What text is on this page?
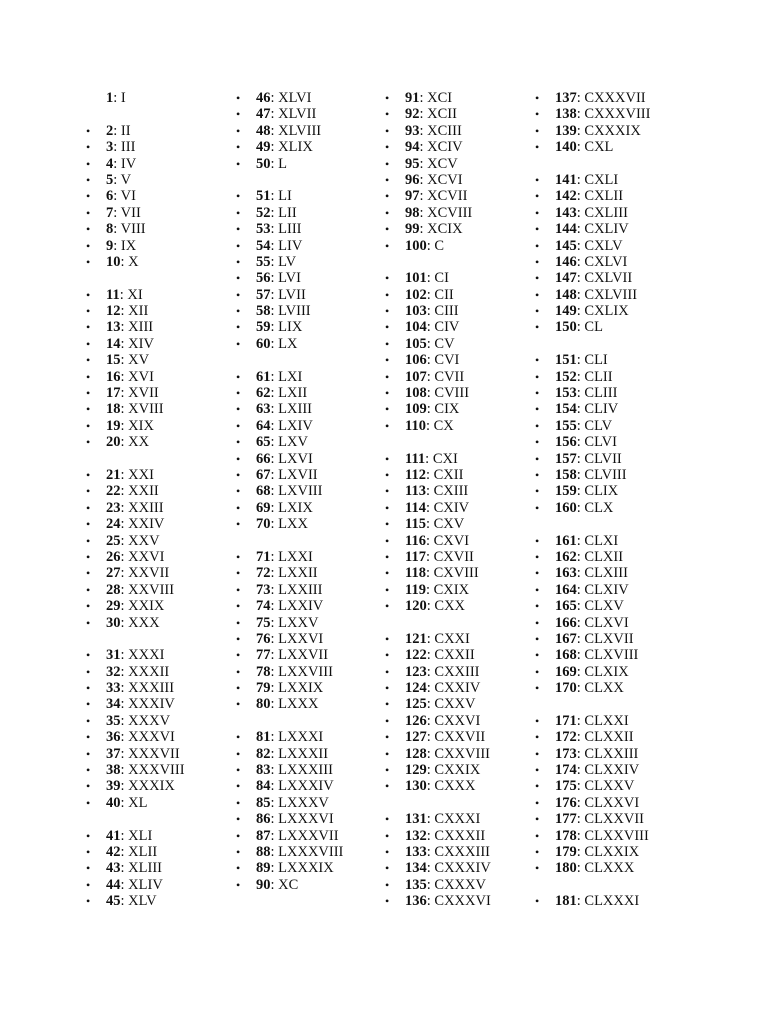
1: I
• 2: II
• 3: III
• 4: IV
• 5: V
• 6: VI
• 7: VII
• 8: VIII
• 9: IX
• 10: X
• 11: XI
• 12: XII
• 13: XIII
• 14: XIV
• 15: XV
• 16: XVI
• 17: XVII
• 18: XVIII
• 19: XIX
• 20: XX
• 21: XXI
• 22: XXII
• 23: XXIII
• 24: XXIV
• 25: XXV
• 26: XXVI
• 27: XXVII
• 28: XXVIII
• 29: XXIX
• 30: XXX
• 31: XXXI
• 32: XXXII
• 33: XXXIII
• 34: XXXIV
• 35: XXXV
• 36: XXXVI
• 37: XXXVII
• 38: XXXVIII
• 39: XXXIX
• 40: XL
• 41: XLI
• 42: XLII
• 43: XLIII
• 44: XLIV
• 45: XLV
• 46: XLVI
• 47: XLVII
• 48: XLVIII
• 49: XLIX
• 50: L
• 51: LI
• 52: LII
• 53: LIII
• 54: LIV
• 55: LV
• 56: LVI
• 57: LVII
• 58: LVIII
• 59: LIX
• 60: LX
• 61: LXI
• 62: LXII
• 63: LXIII
• 64: LXIV
• 65: LXV
• 66: LXVI
• 67: LXVII
• 68: LXVIII
• 69: LXIX
• 70: LXX
• 71: LXXI
• 72: LXXII
• 73: LXXIII
• 74: LXXIV
• 75: LXXV
• 76: LXXVI
• 77: LXXVII
• 78: LXXVIII
• 79: LXXIX
• 80: LXXX
• 81: LXXXI
• 82: LXXXII
• 83: LXXXIII
• 84: LXXXIV
• 85: LXXXV
• 86: LXXXVI
• 87: LXXXVII
• 88: LXXXVIII
• 89: LXXXIX
• 90: XC
• 91: XCI
• 92: XCII
• 93: XCIII
• 94: XCIV
• 95: XCV
• 96: XCVI
• 97: XCVII
• 98: XCVIII
• 99: XCIX
• 100: C
• 101: CI
• 102: CII
• 103: CIII
• 104: CIV
• 105: CV
• 106: CVI
• 107: CVII
• 108: CVIII
• 109: CIX
• 110: CX
• 111: CXI
• 112: CXII
• 113: CXIII
• 114: CXIV
• 115: CXV
• 116: CXVI
• 117: CXVII
• 118: CXVIII
• 119: CXIX
• 120: CXX
• 121: CXXI
• 122: CXXII
• 123: CXXIII
• 124: CXXIV
• 125: CXXV
• 126: CXXVI
• 127: CXXVII
• 128: CXXVIII
• 129: CXXIX
• 130: CXXX
• 131: CXXXI
• 132: CXXXII
• 133: CXXXIII
• 134: CXXXIV
• 135: CXXXV
• 136: CXXXVI
• 137: CXXXVII
• 138: CXXXVIII
• 139: CXXXIX
• 140: CXL
• 141: CXLI
• 142: CXLII
• 143: CXLIII
• 144: CXLIV
• 145: CXLV
• 146: CXLVI
• 147: CXLVII
• 148: CXLVIII
• 149: CXLIX
• 150: CL
• 151: CLI
• 152: CLII
• 153: CLIII
• 154: CLIV
• 155: CLV
• 156: CLVI
• 157: CLVII
• 158: CLVIII
• 159: CLIX
• 160: CLX
• 161: CLXI
• 162: CLXII
• 163: CLXIII
• 164: CLXIV
• 165: CLXV
• 166: CLXVI
• 167: CLXVII
• 168: CLXVIII
• 169: CLXIX
• 170: CLXX
• 171: CLXXI
• 172: CLXXII
• 173: CLXXIII
• 174: CLXXIV
• 175: CLXXV
• 176: CLXXVI
• 177: CLXXVII
• 178: CLXXVIII
• 179: CLXXIX
• 180: CLXXX
• 181: CLXXXI
